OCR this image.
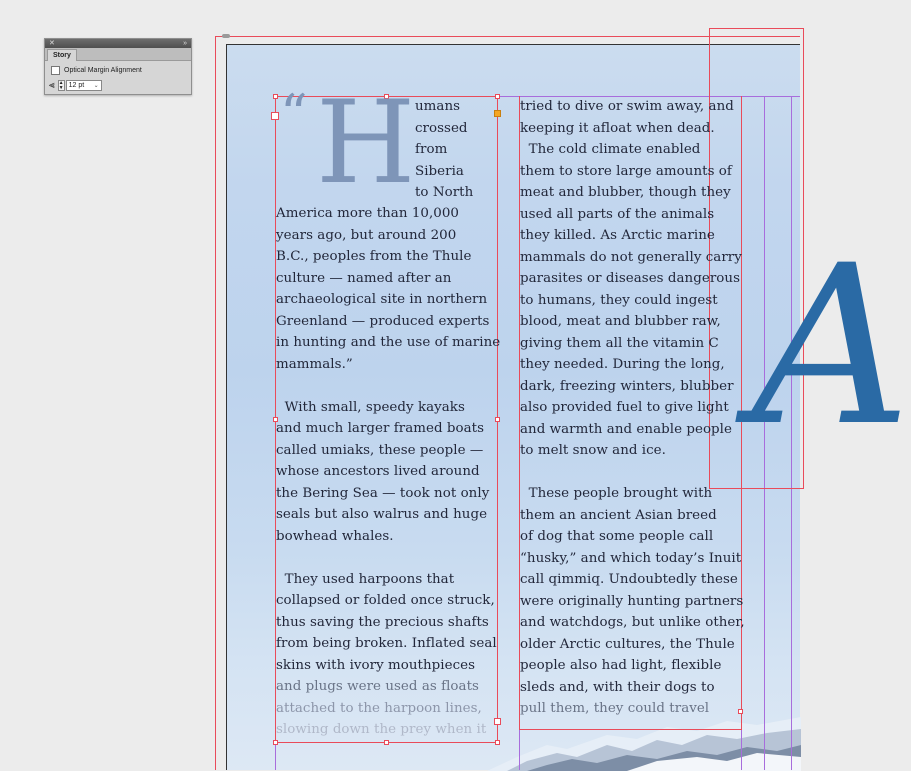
✕	»
Story
Optical Margin Alignment
⫷ ▲
▼ 12 pt ⌄	“ H umans

crossed

from

Siberia

to North

America more than 10,000

years ago, but around 200

B.C., peoples from the Thule

culture — named after an

archaeological site in northern

Greenland — produced experts

in hunting and the use of marine

mammals.”

With small, speedy kayaks

and much larger framed boats

called umiaks, these people —

whose ancestors lived around

the Bering Sea — took not only

seals but also walrus and huge

bowhead whales.

They used harpoons that

collapsed or folded once struck,

thus saving the precious shafts

from being broken. Inflated seal

skins with ivory mouthpieces

and plugs were used as floats

attached to the harpoon lines,

slowing down the prey when it

tried to dive or swim away, and

keeping it afloat when dead.

The cold climate enabled

them to store large amounts of

meat and blubber, though they

used all parts of the animals

they killed. As Arctic marine

mammals do not generally carry

parasites or diseases dangerous

to humans, they could ingest

blood, meat and blubber raw,

giving them all the vitamin C

they needed. During the long,

dark, freezing winters, blubber

also provided fuel to give light

and warmth and enable people

to melt snow and ice.

These people brought with

them an ancient Asian breed

of dog that some people call

“husky,” and which today’s Inuit

call qimmiq. Undoubtedly these

were originally hunting partners

and watchdogs, but unlike other,

older Arctic cultures, the Thule

people also had light, flexible

sleds and, with their dogs to

pull them, they could travel

A
